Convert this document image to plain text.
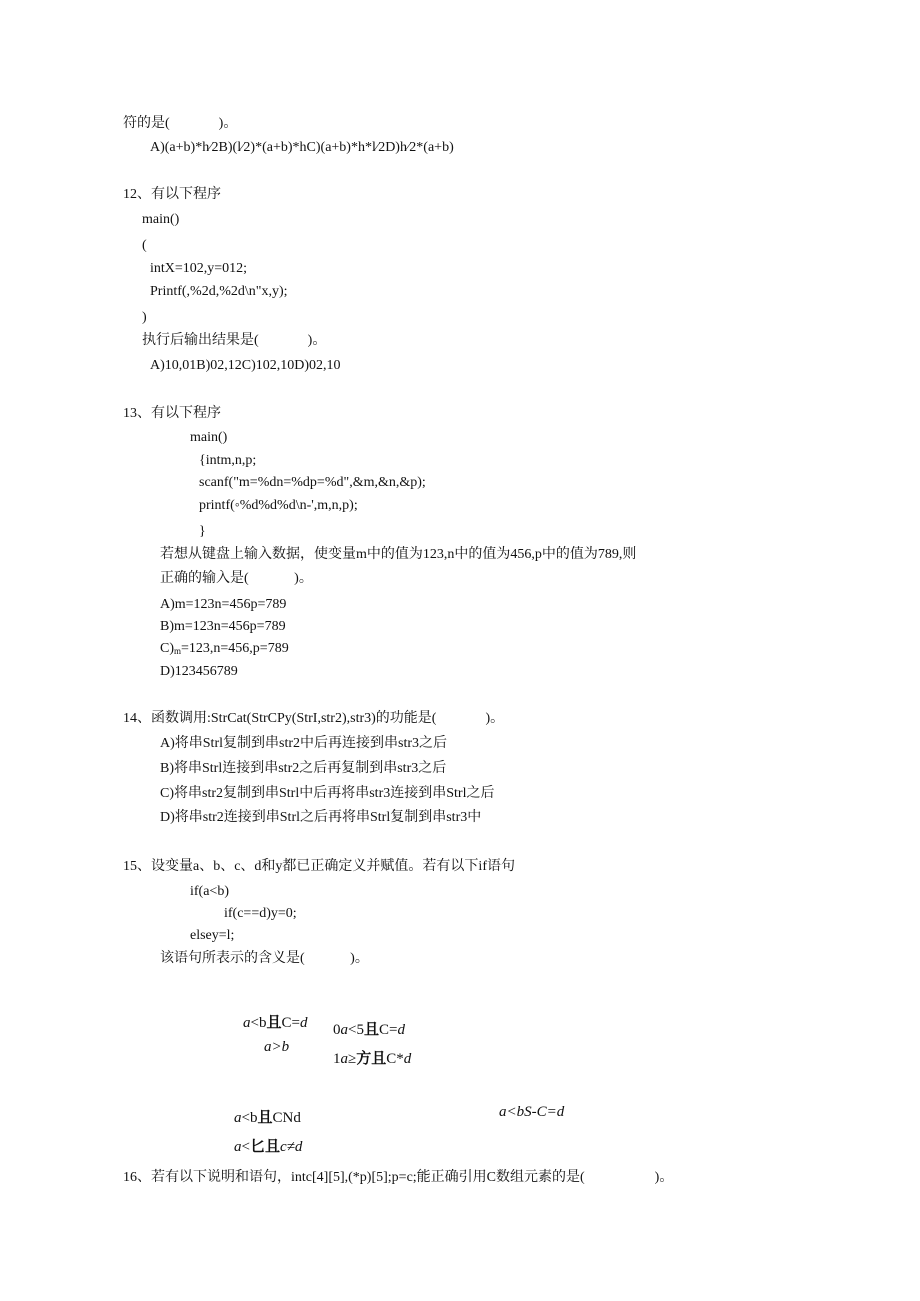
符的是(              )。
A)(a+b)*h⁄2B)(l⁄2)*(a+b)*hC)(a+b)*h*l⁄2D)h⁄2*(a+b)
12、有以下程序
main()
(
intX=102,y=012;
Printf(,%2d,%2d\n"x,y);
)
执行后输出结果是(              )。
A)10,01B)02,12C)102,10D)02,10
13、有以下程序
main()
{intm,n,p;
scanf("m=%dn=%dp=%d",&m,&n,&p);
printf(◦%d%d%d\n-',m,n,p);
}
若想从键盘上输入数据，使变量m中的值为123,n中的值为456,p中的值为789,则
正确的输入是(             )。
A)m=123n=456p=789
B)m=123n=456p=789
$C)_m=123,n=456,p=789$
D)123456789
14、函数调用:StrCat(StrCPy(StrI,str2),str3)的功能是(              )。
A)将串Strl复制到串str2中后再连接到串str3之后
B)将串Strl连接到串str2之后再复制到串str3之后
C)将串str2复制到串Strl中后再将串str3连接到串Strl之后
D)将串str2连接到串Strl之后再将串Strl复制到串str3中
15、设变量a、b、c、d和y都已正确定义并赋值。若有以下if语句
if(a<b)
if(c==d)y=0;
elsey=l;
该语句所表示的含义是(             )。
a<b且C=d
a>b
0a<5且C=d
1a≥方且C*d
a<b且CNd
a<匕且c≠d
a<bS-C=d
16、若有以下说明和语句，intc[4][5],(*p)[5];p=c;能正确引用C数组元素的是(                    )。
